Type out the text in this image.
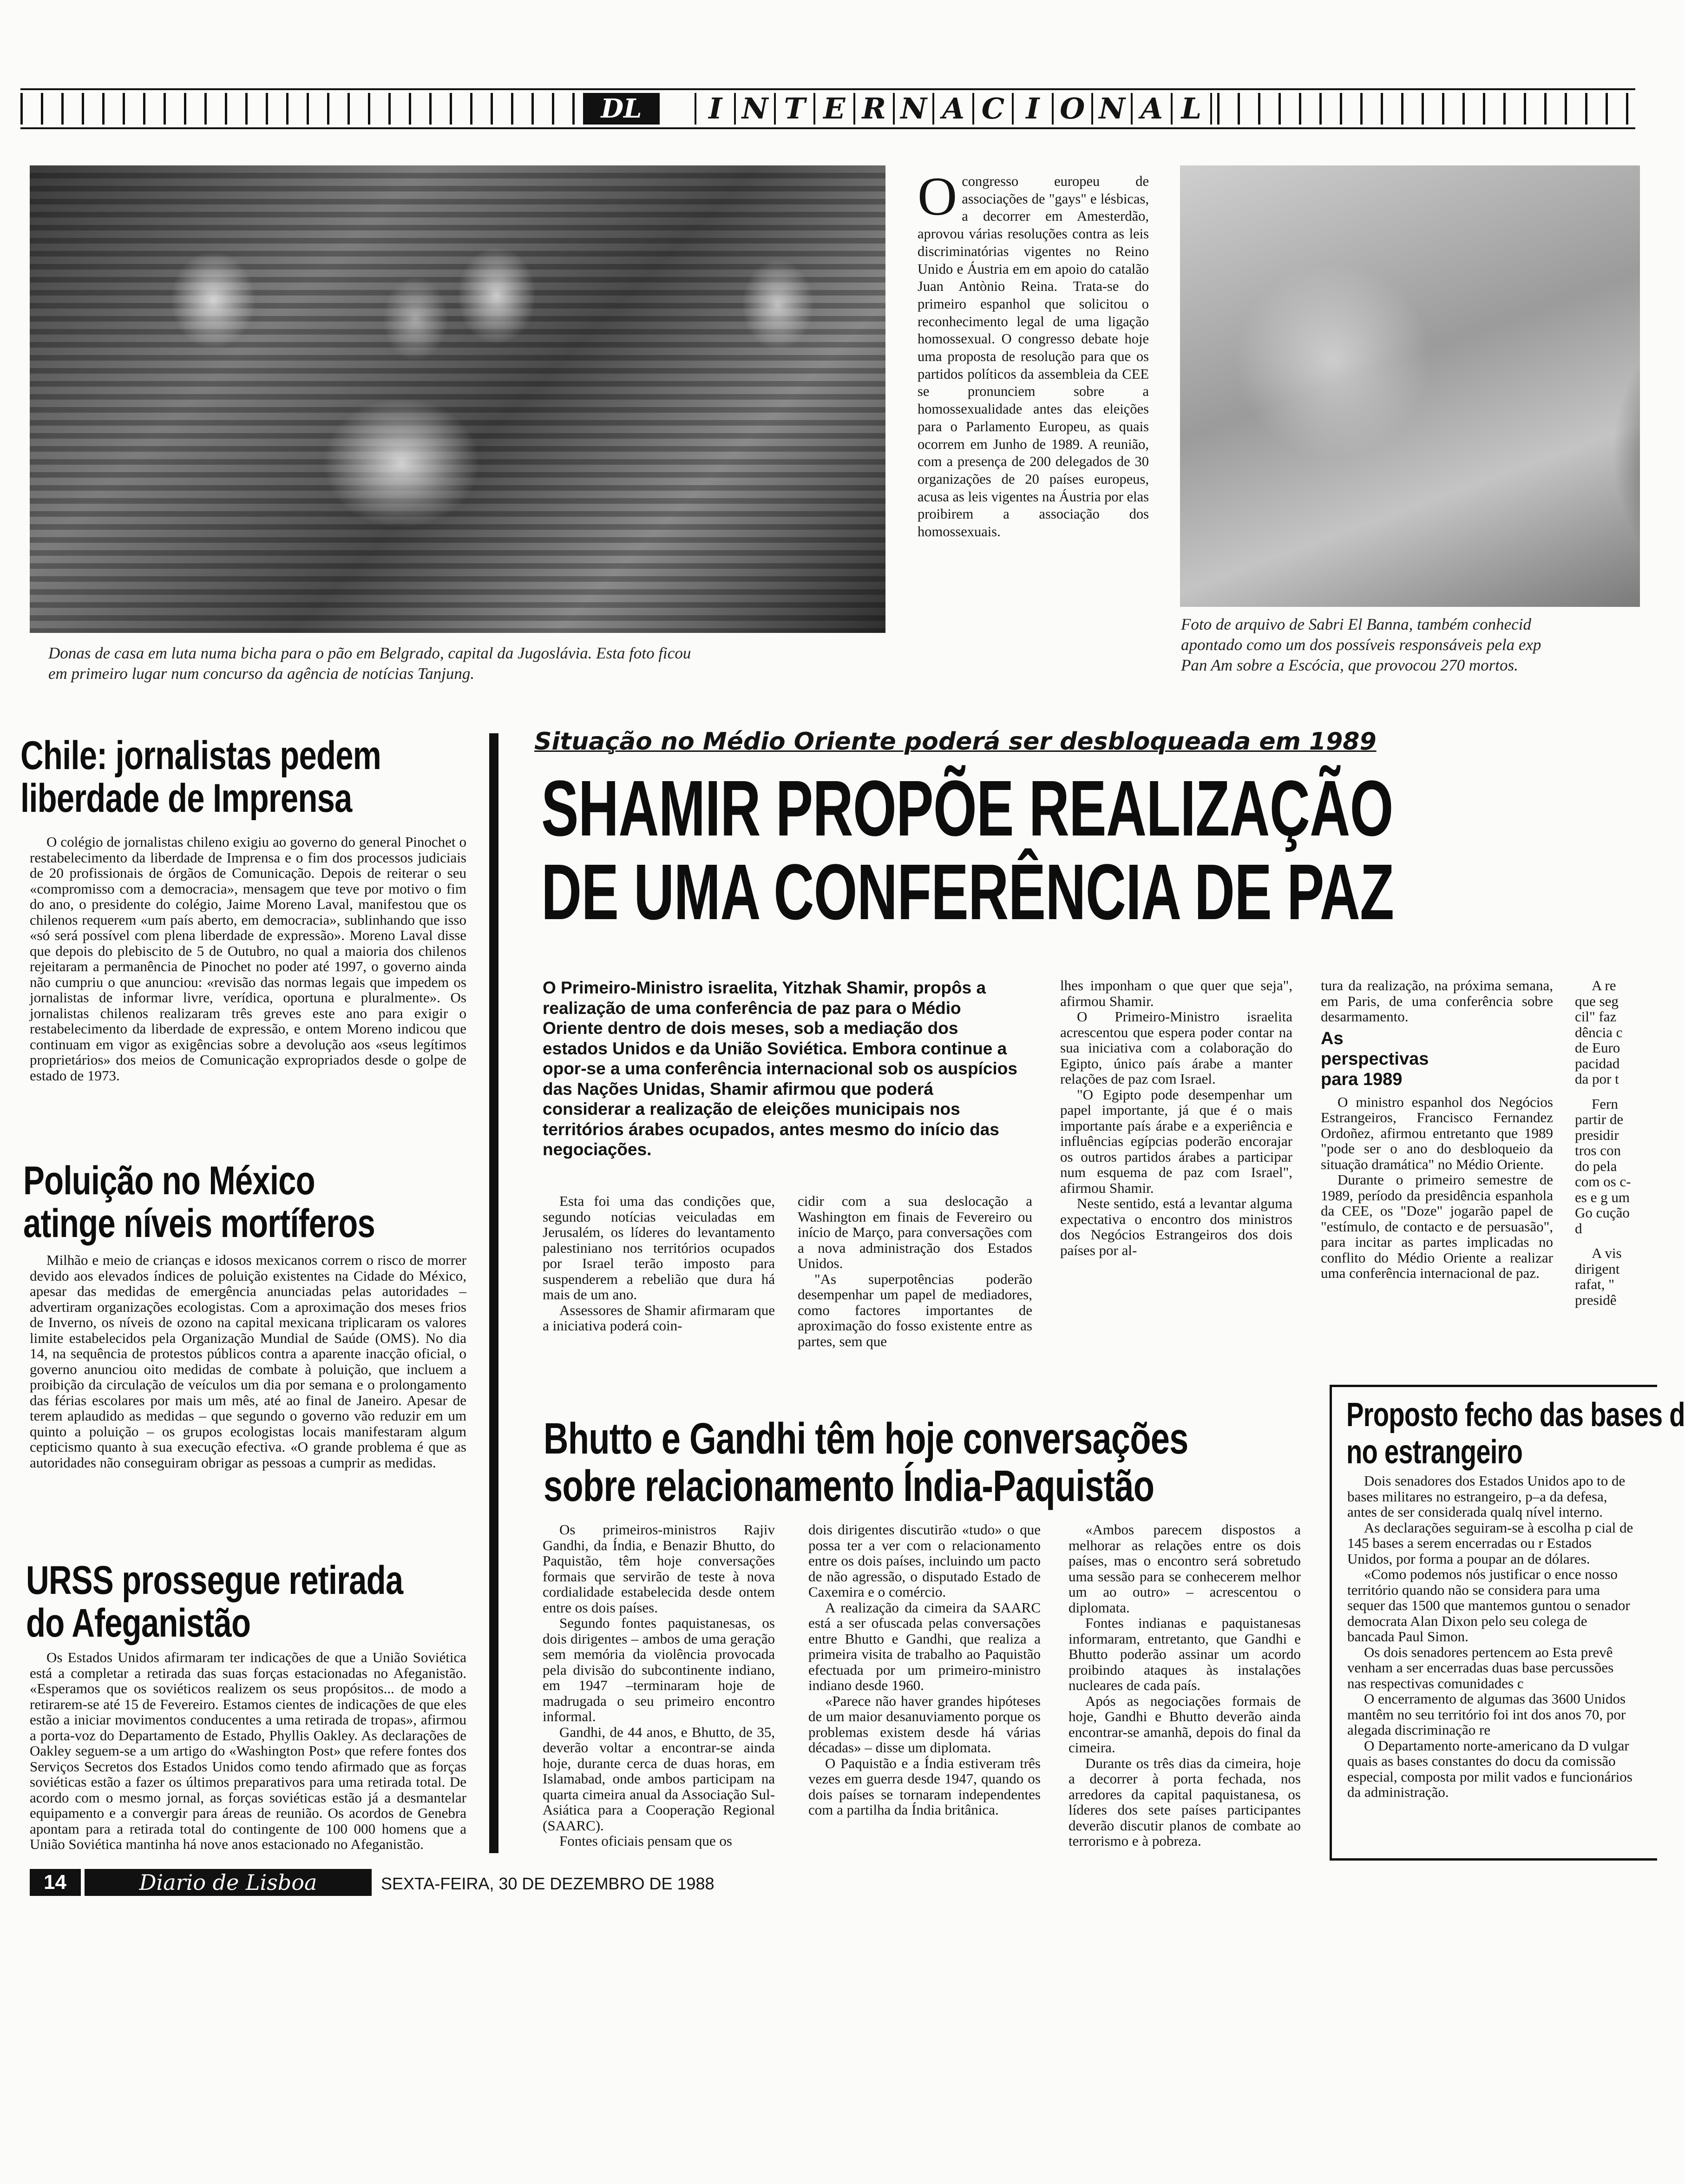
DL	I N T E R N A C I O N A L
Donas de casa em luta numa bicha para o pão em Belgrado, capital da Jugoslávia. Esta foto ficou
em primeiro lugar num concurso da agência de notícias Tanjung.
Ocongresso europeu de associações de "gays" e lésbicas, a decorrer em Amesterdão, aprovou várias resoluções contra as leis discriminatórias vigentes no Reino Unido e Áustria em em apoio do catalão Juan Antònio Reina. Trata-se do primeiro espanhol que solicitou o reconhecimento legal de uma ligação homossexual. O congresso debate hoje uma proposta de resolução para que os partidos políticos da assembleia da CEE se pronunciem sobre a homossexualidade antes das eleições para o Parlamento Europeu, as quais ocorrem em Junho de 1989. A reunião, com a presença de 200 delegados de 30 organizações de 20 países europeus, acusa as leis vigentes na Áustria por elas proibirem a associação dos homossexuais.
Foto de arquivo de Sabri El Banna, também conhecid
apontado como um dos possíveis responsáveis pela exp
Pan Am sobre a Escócia, que provocou 270 mortos.
Chile: jornalistas pedem
liberdade de Imprensa

O colégio de jornalistas chileno exigiu ao governo do general Pinochet o restabelecimento da liberdade de Imprensa e o fim dos processos judiciais de 20 profissionais de órgãos de Comunicação. Depois de reiterar o seu «compromisso com a democracia», mensagem que teve por motivo o fim do ano, o presidente do colégio, Jaime Moreno Laval, manifestou que os chilenos requerem «um país aberto, em democracia», sublinhando que isso «só será possível com plena liberdade de expressão». Moreno Laval disse que depois do plebiscito de 5 de Outubro, no qual a maioria dos chilenos rejeitaram a permanência de Pinochet no poder até 1997, o governo ainda não cumpriu o que anunciou: «revisão das normas legais que impedem os jornalistas de informar livre, verídica, oportuna e pluralmente». Os jornalistas chilenos realizaram três greves este ano para exigir o restabelecimento da liberdade de expressão, e ontem Moreno indicou que continuam em vigor as exigências sobre a devolução aos «seus legítimos proprietários» dos meios de Comunicação expropriados desde o golpe de estado de 1973.

Poluição no México
atinge níveis mortíferos

Milhão e meio de crianças e idosos mexicanos correm o risco de morrer devido aos elevados índices de poluição existentes na Cidade do México, apesar das medidas de emergência anunciadas pelas autoridades – advertiram organizações ecologistas. Com a aproximação dos meses frios de Inverno, os níveis de ozono na capital mexicana triplicaram os valores limite estabelecidos pela Organização Mundial de Saúde (OMS). No dia 14, na sequência de protestos públicos contra a aparente inacção oficial, o governo anunciou oito medidas de combate à poluição, que incluem a proibição da circulação de veículos um dia por semana e o prolongamento das férias escolares por mais um mês, até ao final de Janeiro. Apesar de terem aplaudido as medidas – que segundo o governo vão reduzir em um quinto a poluição – os grupos ecologistas locais manifestaram algum cepticismo quanto à sua execução efectiva. «O grande problema é que as autoridades não conseguiram obrigar as pessoas a cumprir as medidas.

URSS prossegue retirada
do Afeganistão

Os Estados Unidos afirmaram ter indicações de que a União Soviética está a completar a retirada das suas forças estacionadas no Afeganistão. «Esperamos que os soviéticos realizem os seus propósitos... de modo a retirarem-se até 15 de Fevereiro. Estamos cientes de indicações de que eles estão a iniciar movimentos conducentes a uma retirada de tropas», afirmou a porta-voz do Departamento de Estado, Phyllis Oakley. As declarações de Oakley seguem-se a um artigo do «Washington Post» que refere fontes dos Serviços Secretos dos Estados Unidos como tendo afirmado que as forças soviéticas estão a fazer os últimos preparativos para uma retirada total. De acordo com o mesmo jornal, as forças soviéticas estão já a desmantelar equipamento e a convergir para áreas de reunião. Os acordos de Genebra apontam para a retirada total do contingente de 100 000 homens que a União Soviética mantinha há nove anos estacionado no Afeganistão.

Situação no Médio Oriente poderá ser desbloqueada em 1989
SHAMIR PROPÕE REALIZAÇÃO
DE UMA CONFERÊNCIA DE PAZ
O Primeiro-Ministro israelita, Yitzhak Shamir, propôs a realização de uma conferência de paz para o Médio Oriente dentro de dois meses, sob a mediação dos estados Unidos e da União Soviética. Embora continue a opor-se a uma conferência internacional sob os auspícios das Nações Unidas, Shamir afirmou que poderá considerar a realização de eleições municipais nos territórios árabes ocupados, antes mesmo do início das negociações.

Esta foi uma das condições que, segundo notícias veiculadas em Jerusalém, os líderes do levantamento palestiniano nos territórios ocupados por Israel terão imposto para suspenderem a rebelião que dura há mais de um ano.

Assessores de Shamir afirmaram que a iniciativa poderá coin-

cidir com a sua deslocação a Washington em finais de Fevereiro ou início de Março, para conversações com a nova administração dos Estados Unidos.

"As superpotências poderão desempenhar um papel de mediadores, como factores importantes de aproximação do fosso existente entre as partes, sem que

lhes imponham o que quer que seja", afirmou Shamir.

O Primeiro-Ministro israelita acrescentou que espera poder contar na sua iniciativa com a colaboração do Egipto, único país árabe a manter relações de paz com Israel.

"O Egipto pode desempenhar um papel importante, já que é o mais importante país árabe e a experiência e influências egípcias poderão encorajar os outros partidos árabes a participar num esquema de paz com Israel", afirmou Shamir.

Neste sentido, está a levantar alguma expectativa o encontro dos ministros dos Negócios Estrangeiros dos dois países por al-

tura da realização, na próxima semana, em Paris, de uma conferência sobre desarmamento.

As perspectivas para 1989

O ministro espanhol dos Negócios Estrangeiros, Francisco Fernandez Ordoñez, afirmou entretanto que 1989 "pode ser o ano do desbloqueio da situação dramática" no Médio Oriente.

Durante o primeiro semestre de 1989, período da presidência espanhola da CEE, os "Doze" jogarão papel de "estímulo, de contacto e de persuasão", para incitar as partes implicadas no conflito do Médio Oriente a realizar uma conferência internacional de paz.

A re que seg cil" faz dência c de Euro pacidad da por t

Fern partir de presidir tros con do pela com os c-es e g um Go cução d

A vis dirigent rafat, " presidê

Bhutto e Gandhi têm hoje conversações
sobre relacionamento Índia-Paquistão

Os primeiros-ministros Rajiv Gandhi, da Índia, e Benazir Bhutto, do Paquistão, têm hoje conversações formais que servirão de teste à nova cordialidade estabelecida desde ontem entre os dois países.

Segundo fontes paquistanesas, os dois dirigentes – ambos de uma geração sem memória da violência provocada pela divisão do subcontinente indiano, em 1947 –terminaram hoje de madrugada o seu primeiro encontro informal.

Gandhi, de 44 anos, e Bhutto, de 35, deverão voltar a encontrar-se ainda hoje, durante cerca de duas horas, em Islamabad, onde ambos participam na quarta cimeira anual da Associação Sul-Asiática para a Cooperação Regional (SAARC).

Fontes oficiais pensam que os

dois dirigentes discutirão «tudo» o que possa ter a ver com o relacionamento entre os dois países, incluindo um pacto de não agressão, o disputado Estado de Caxemira e o comércio.

A realização da cimeira da SAARC está a ser ofuscada pelas conversações entre Bhutto e Gandhi, que realiza a primeira visita de trabalho ao Paquistão efectuada por um primeiro-ministro indiano desde 1960.

«Parece não haver grandes hipóteses de um maior desanuviamento porque os problemas existem desde há várias décadas» – disse um diplomata.

O Paquistão e a Índia estiveram três vezes em guerra desde 1947, quando os dois países se tornaram independentes com a partilha da Índia britânica.

«Ambos parecem dispostos a melhorar as relações entre os dois países, mas o encontro será sobretudo uma sessão para se conhecerem melhor um ao outro» – acrescentou o diplomata.

Fontes indianas e paquistanesas informaram, entretanto, que Gandhi e Bhutto poderão assinar um acordo proibindo ataques às instalações nucleares de cada país.

Após as negociações formais de hoje, Gandhi e Bhutto deverão ainda encontrar-se amanhã, depois do final da cimeira.

Durante os três dias da cimeira, hoje a decorrer à porta fechada, nos arredores da capital paquistanesa, os líderes dos sete países participantes deverão discutir planos de combate ao terrorismo e à pobreza.

Proposto fecho das bases d
no estrangeiro

Dois senadores dos Estados Unidos apo to de bases militares no estrangeiro, p–a da defesa, antes de ser considerada qualq nível interno.

As declarações seguiram-se à escolha p cial de 145 bases a serem encerradas ou r Estados Unidos, por forma a poupar an de dólares.

«Como podemos nós justificar o ence nosso território quando não se considera para uma sequer das 1500 que mantemos guntou o senador democrata Alan Dixon pelo seu colega de bancada Paul Simon.

Os dois senadores pertencem ao Esta prevê venham a ser encerradas duas base percussões nas respectivas comunidades c

O encerramento de algumas das 3600 Unidos mantêm no seu território foi int dos anos 70, por alegada discriminação re

O Departamento norte-americano da D vulgar quais as bases constantes do docu da comissão especial, composta por milit vados e funcionários da administração.

14	Diario de Lisboa	SEXTA-FEIRA, 30 DE DEZEMBRO DE 1988
